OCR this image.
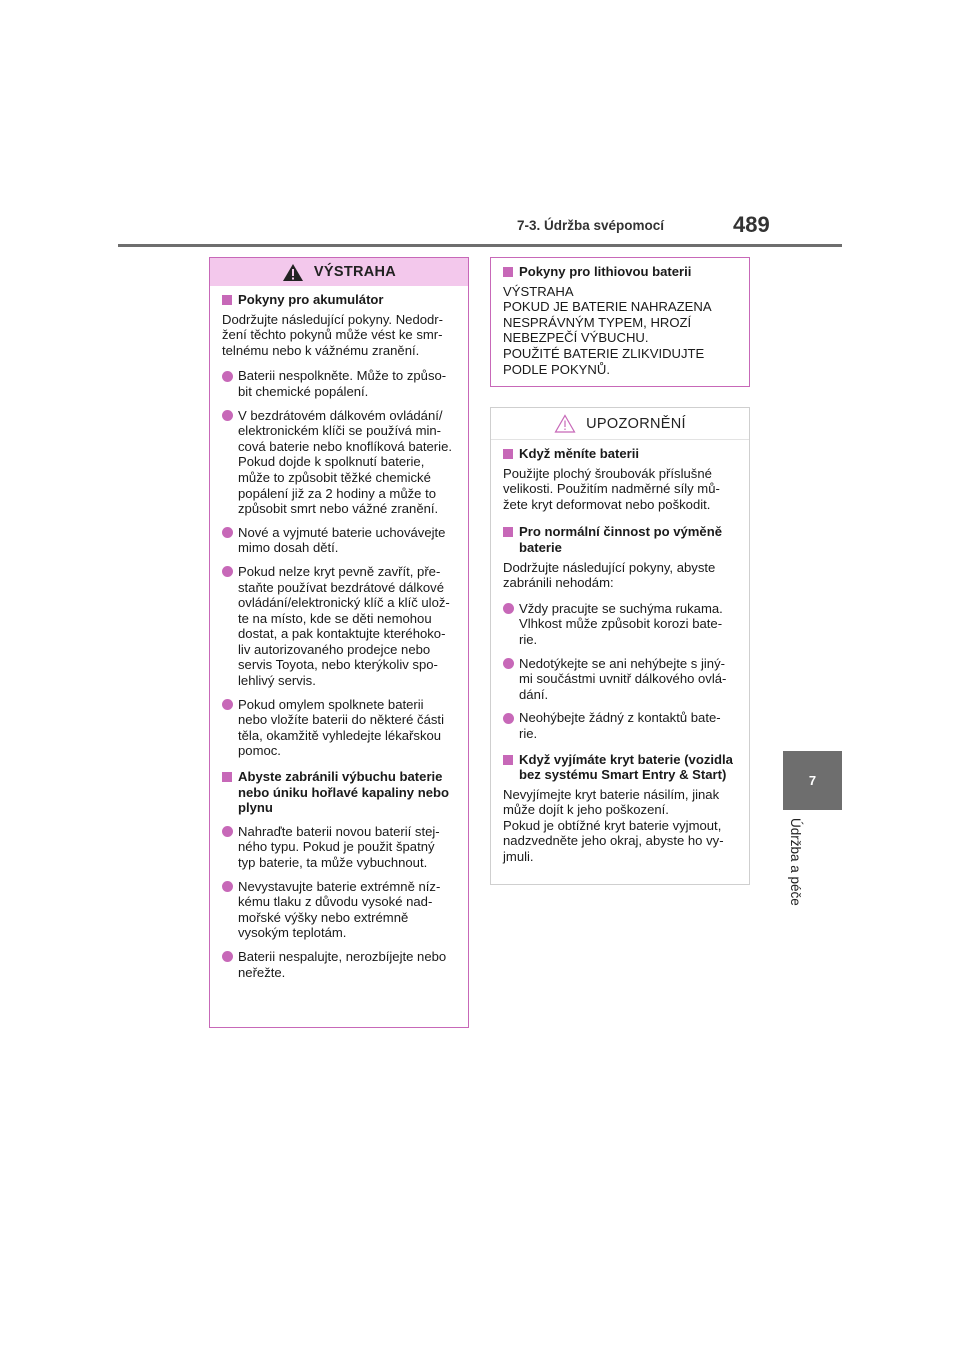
7-3. Údržba svépomocí	489
7
Údržba a péče
VÝSTRAHA

Pokyny pro akumulátor

Dodržujte následující pokyny. Nedodr-
žení těchto pokynů může vést ke smr-
telnému nebo k vážnému zranění.

Baterii nespolkněte. Může to způso-
bit chemické popálení.

V bezdrátovém dálkovém ovládání/
elektronickém klíči se používá min-
cová baterie nebo knoflíková baterie.
Pokud dojde k spolknutí baterie,
může to způsobit těžké chemické
popálení již za 2 hodiny a může to
způsobit smrt nebo vážné zranění.

Nové a vyjmuté baterie uchovávejte
mimo dosah dětí.

Pokud nelze kryt pevně zavřít, pře-
staňte používat bezdrátové dálkové
ovládání/elektronický klíč a klíč ulož-
te na místo, kde se děti nemohou
dostat, a pak kontaktujte kteréhoko-
liv autorizovaného prodejce nebo
servis Toyota, nebo kterýkoliv spo-
lehlivý servis.

Pokud omylem spolknete baterii
nebo vložíte baterii do některé části
těla, okamžitě vyhledejte lékařskou
pomoc.

Abyste zabránili výbuchu baterie
nebo úniku hořlavé kapaliny nebo
plynu

Nahraďte baterii novou baterií stej-
ného typu. Pokud je použit špatný
typ baterie, ta může vybuchnout.

Nevystavujte baterie extrémně níz-
kému tlaku z důvodu vysoké nad-
mořské výšky nebo extrémně
vysokým teplotám.

Baterii nespalujte, nerozbíjejte nebo
neřežte.

Pokyny pro lithiovou baterii

VÝSTRAHA
POKUD JE BATERIE NAHRAZENA
NESPRÁVNÝM TYPEM, HROZÍ
NEBEZPEČÍ VÝBUCHU.
POUŽITÉ BATERIE ZLIKVIDUJTE
PODLE POKYNŮ.

UPOZORNĚNÍ

Když měníte baterii

Použijte plochý šroubovák příslušné
velikosti. Použitím nadměrné síly mů-
žete kryt deformovat nebo poškodit.

Pro normální činnost po výměně
baterie

Dodržujte následující pokyny, abyste
zabránili nehodám:

Vždy pracujte se suchýma rukama.
Vlhkost může způsobit korozi bate-
rie.

Nedotýkejte se ani nehýbejte s jiný-
mi součástmi uvnitř dálkového ovlá-
dání.

Neohýbejte žádný z kontaktů bate-
rie.

Když vyjímáte kryt baterie (vozidla
bez systému Smart Entry & Start)

Nevyjímejte kryt baterie násilím, jinak
může dojít k jeho poškození.
Pokud je obtížné kryt baterie vyjmout,
nadzvedněte jeho okraj, abyste ho vy-
jmuli.
